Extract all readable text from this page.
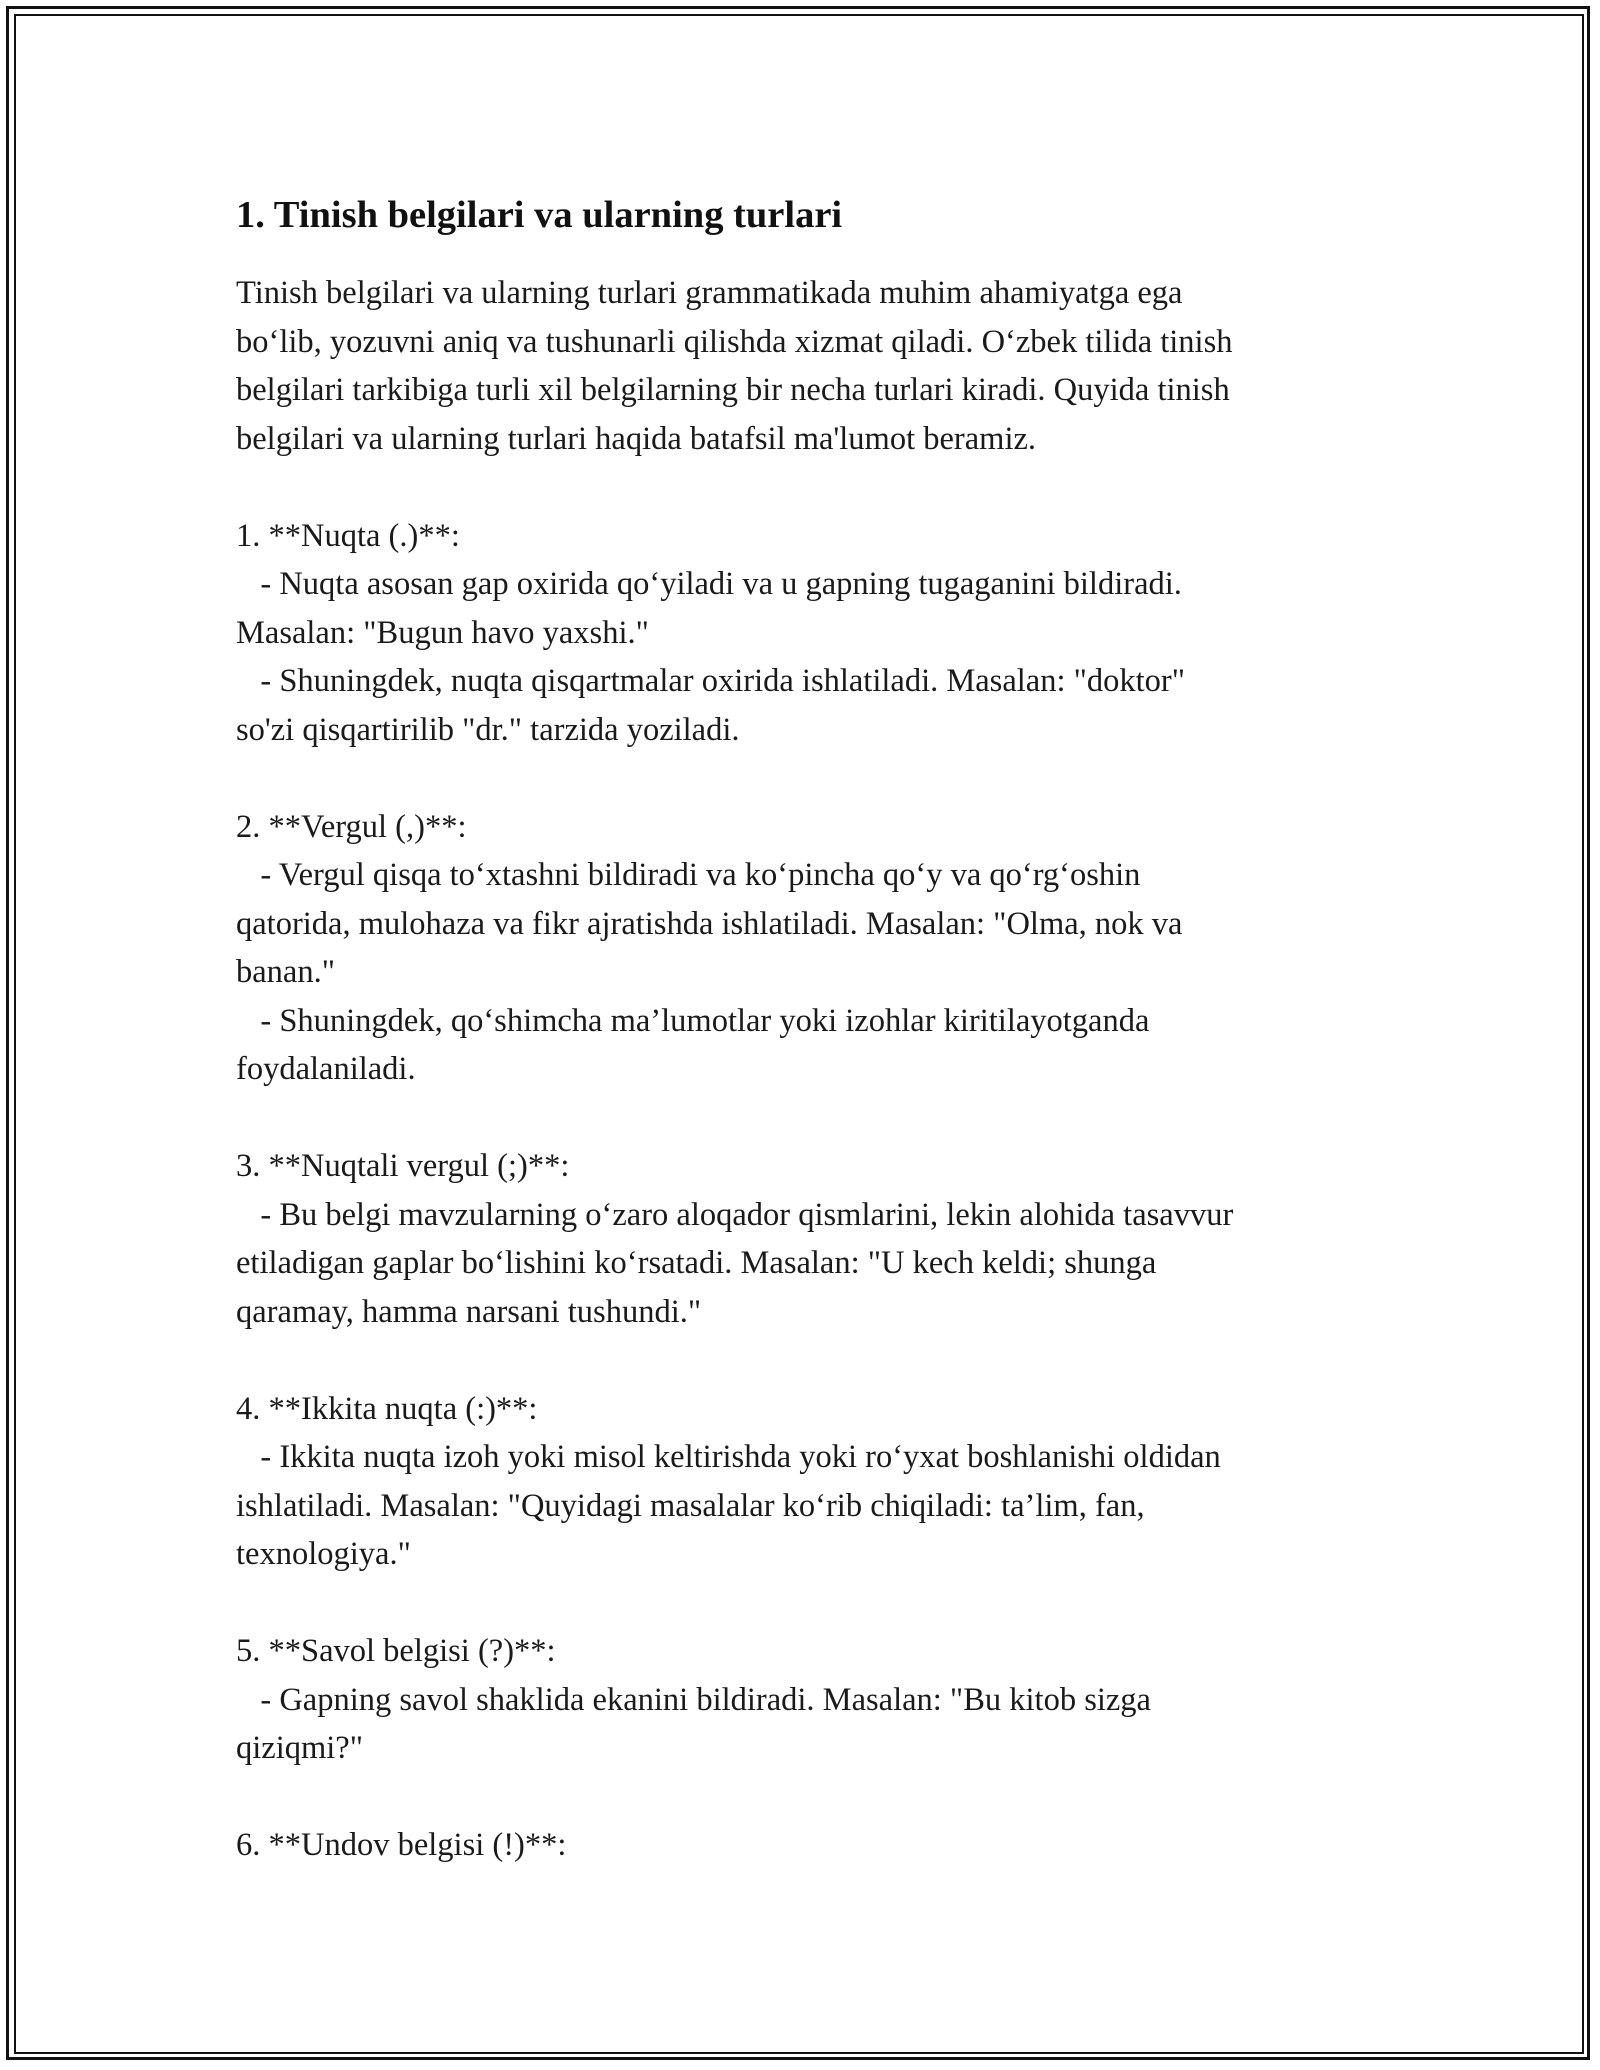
1. Tinish belgilari va ularning turlari

Tinish belgilari va ularning turlari grammatikada muhim ahamiyatga ega
bo‘lib, yozuvni aniq va tushunarli qilishda xizmat qiladi. O‘zbek tilida tinish
belgilari tarkibiga turli xil belgilarning bir necha turlari kiradi. Quyida tinish
belgilari va ularning turlari haqida batafsil ma'lumot beramiz.

1. **Nuqta (.)**:

- Nuqta asosan gap oxirida qo‘yiladi va u gapning tugaganini bildiradi.

Masalan: "Bugun havo yaxshi."

- Shuningdek, nuqta qisqartmalar oxirida ishlatiladi. Masalan: "doktor"

so'zi qisqartirilib "dr." tarzida yoziladi.

2. **Vergul (,)**:

- Vergul qisqa to‘xtashni bildiradi va ko‘pincha qo‘y va qo‘rg‘oshin

qatorida, mulohaza va fikr ajratishda ishlatiladi. Masalan: "Olma, nok va

banan."

- Shuningdek, qo‘shimcha ma’lumotlar yoki izohlar kiritilayotganda

foydalaniladi.

3. **Nuqtali vergul (;)**:

- Bu belgi mavzularning o‘zaro aloqador qismlarini, lekin alohida tasavvur

etiladigan gaplar bo‘lishini ko‘rsatadi. Masalan: "U kech keldi; shunga

qaramay, hamma narsani tushundi."

4. **Ikkita nuqta (:)**:

- Ikkita nuqta izoh yoki misol keltirishda yoki ro‘yxat boshlanishi oldidan

ishlatiladi. Masalan: "Quyidagi masalalar ko‘rib chiqiladi: ta’lim, fan,

texnologiya."

5. **Savol belgisi (?)**:

- Gapning savol shaklida ekanini bildiradi. Masalan: "Bu kitob sizga

qiziqmi?"

6. **Undov belgisi (!)**:
